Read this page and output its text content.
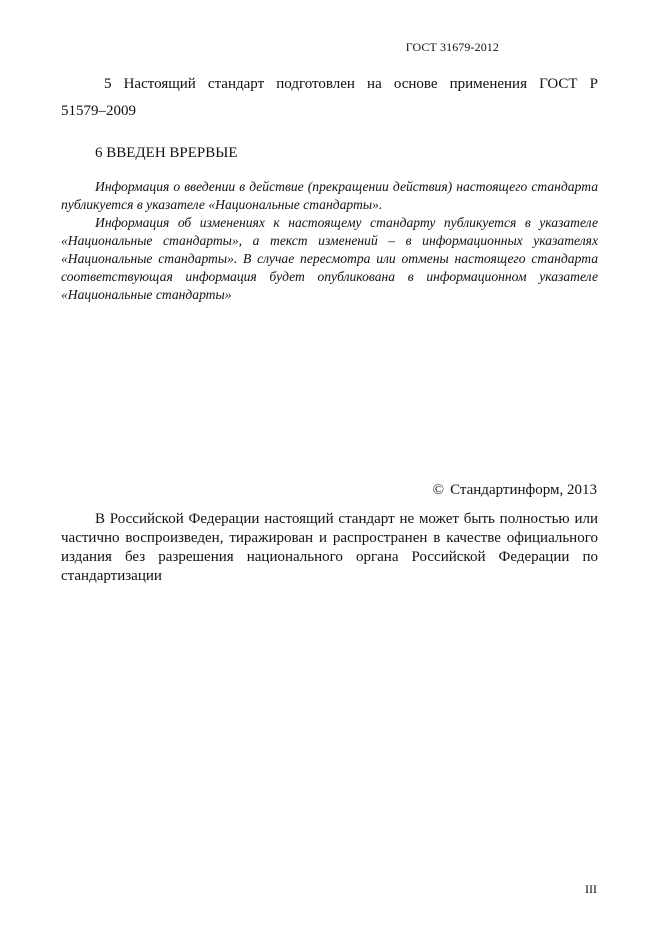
ГОСТ 31679-2012
5 Настоящий стандарт подготовлен на основе применения ГОСТ Р
51579–2009
6 ВВЕДЕН ВРЕРВЫЕ

Информация о введении в действие (прекращении действия) настоящего стандарта публикуется в указателе «Национальные стандарты».

Информация об изменениях к настоящему стандарту публикуется в указателе «Национальные стандарты», а текст изменений – в информационных указателях «Национальные стандарты». В случае пересмотра или отмены настоящего стандарта соответствующая информация будет опубликована в информационном указателе «Национальные стандарты»

© Стандартинформ, 2013

В Российской Федерации настоящий стандарт не может быть полностью или частично воспроизведен, тиражирован и распространен в качестве официального издания без разрешения национального органа Российской Федерации по стандартизации

III
